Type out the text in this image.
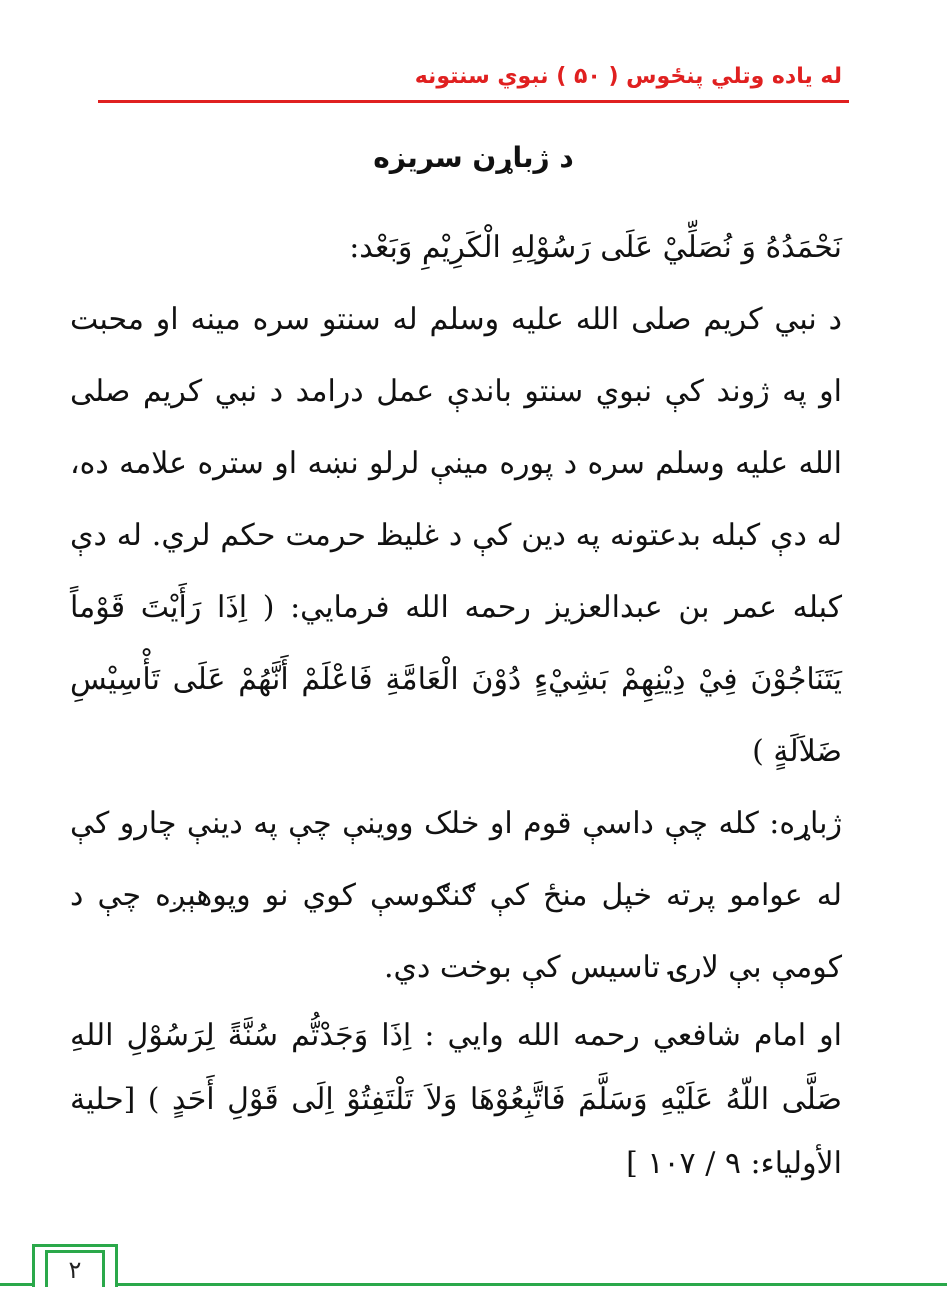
له یاده وتلي پنځوس ( ۵۰ ) نبوي سنتونه
د ژباړن سریزه

نَحْمَدُهُ وَ نُصَلِّيْ عَلَى رَسُوْلِهِ الْكَرِيْمِ وَبَعْد:

د نبي کريم صلى الله عليه وسلم له سنتو سره مينه او محبت او په ژوند کې نبوي سنتو باندې عمل درامد د نبي کريم صلى الله عليه وسلم سره د پوره مينې لرلو نښه او ستره علامه ده، له دې کبله بدعتونه په دين کې د غليظ حرمت حکم لري. له دې کبله عمر بن عبدالعزيز رحمه الله فرمايي: ( اِذَا رَأَيْتَ قَوْماً يَتَنَاجُوْنَ فِيْ دِيْنِهِمْ بَشِيْءٍ دُوْنَ الْعَامَّةِ فَاعْلَمْ أَنَّهُمْ عَلَى تَأْسِيْسِ ضَلاَلَةٍ )

ژباړه: کله چې داسې قوم او خلک ووينې چې په دينې چارو کې له عوامو پرته خپل منځ کې ګنګوسې کوي نو وپوهېږه چې د کومې بې لارۍ تاسيس کې بوخت دي.

او امام شافعي رحمه الله وايي : اِذَا وَجَدْتُّم سُنَّةً لِرَسُوْلِ اللهِ صَلَّى اللّهُ عَلَيْهِ وَسَلَّمَ فَاتَّبِعُوْهَا وَلاَ تَلْتَفِتُوْ اِلَى قَوْلِ أَحَدٍ ) [حلية الأولياء: ۹ / ۱۰۷ ]

۲
